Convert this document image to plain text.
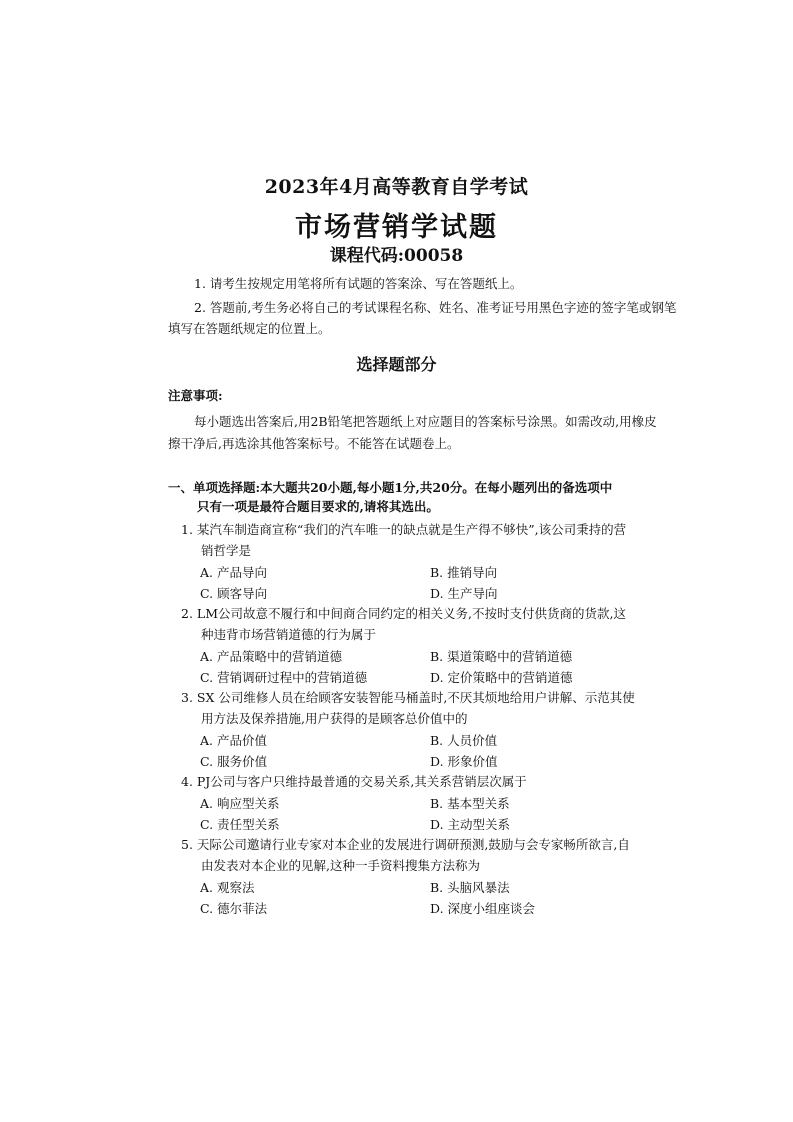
2023年4月高等教育自学考试
市场营销学试题
课程代码:00058
1. 请考生按规定用笔将所有试题的答案涂、写在答题纸上。
2. 答题前,考生务必将自己的考试课程名称、姓名、准考证号用黑色字迹的签字笔或钢笔
填写在答题纸规定的位置上。
选择题部分
注意事项:
每小题选出答案后,用2B铅笔把答题纸上对应题目的答案标号涂黑。如需改动,用橡皮
擦干净后,再选涂其他答案标号。不能答在试题卷上。
一、单项选择题:本大题共20小题,每小题1分,共20分。在每小题列出的备选项中
只有一项是最符合题目要求的,请将其选出。
1. 某汽车制造商宣称“我们的汽车唯一的缺点就是生产得不够快”,该公司秉持的营
销哲学是
A. 产品导向	B. 推销导向
C. 顾客导向	D. 生产导向
2. LM公司故意不履行和中间商合同约定的相关义务,不按时支付供货商的货款,这
种违背市场营销道德的行为属于
A. 产品策略中的营销道德	B. 渠道策略中的营销道德
C. 营销调研过程中的营销道德	D. 定价策略中的营销道德
3. SX 公司维修人员在给顾客安装智能马桶盖时,不厌其烦地给用户讲解、示范其使
用方法及保养措施,用户获得的是顾客总价值中的
A. 产品价值	B. 人员价值
C. 服务价值	D. 形象价值
4. PJ公司与客户只维持最普通的交易关系,其关系营销层次属于
A. 响应型关系	B. 基本型关系
C. 责任型关系	D. 主动型关系
5. 天际公司邀请行业专家对本企业的发展进行调研预测,鼓励与会专家畅所欲言,自
由发表对本企业的见解,这种一手资料搜集方法称为
A. 观察法	B. 头脑风暴法
C. 德尔菲法	D. 深度小组座谈会
